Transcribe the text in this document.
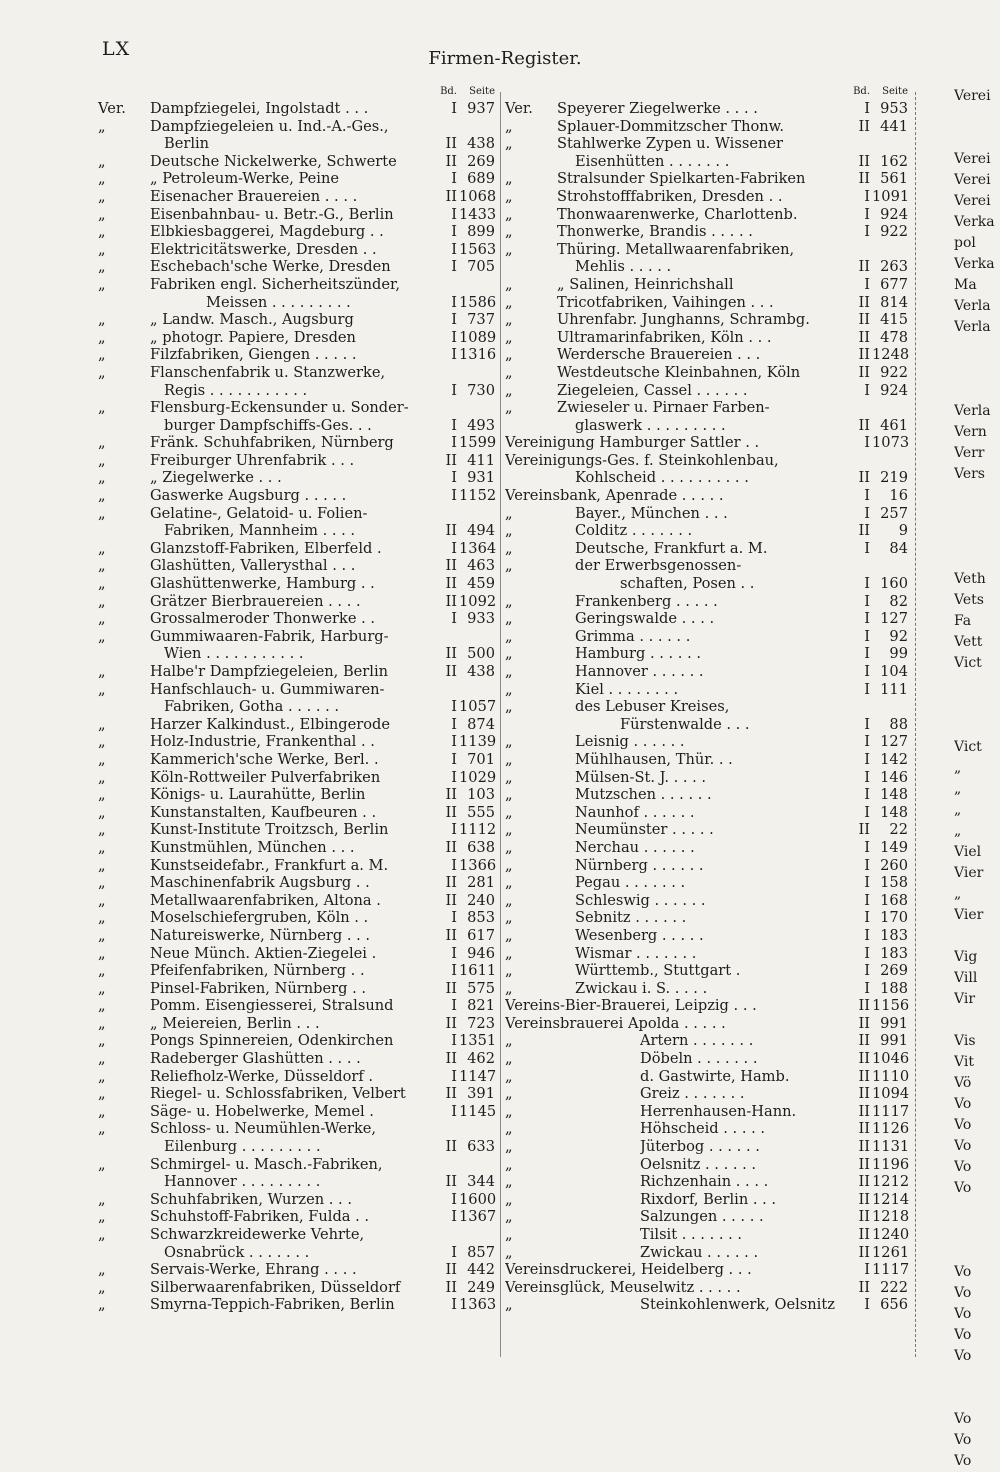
LX	Firmen-Register.
Bd.	Seite
Ver.	Dampfziegelei, Ingolstadt . . .	I 937
„	Dampfziegeleien u. Ind.-A.-Ges.,
Berlin	II 438
„	Deutsche Nickelwerke, Schwerte	II 269
„	„ Petroleum-Werke, Peine	I 689
„	Eisenacher Brauereien . . . .	II 1068
„	Eisenbahnbau- u. Betr.-G., Berlin	I 1433
„	Elbkiesbaggerei, Magdeburg . .	I 899
„	Elektricitätswerke, Dresden . .	I 1563
„	Eschebach'sche Werke, Dresden	I 705
„	Fabriken engl. Sicherheitszünder,
Meissen . . . . . . . . .	I 1586
„	„ Landw. Masch., Augsburg	I 737
„	„ photogr. Papiere, Dresden	I 1089
„	Filzfabriken, Giengen . . . . .	I 1316
„	Flanschenfabrik u. Stanzwerke,
Regis . . . . . . . . . . .	I 730
„	Flensburg-Eckensunder u. Sonder-
burger Dampfschiffs-Ges. . .	I 493
„	Fränk. Schuhfabriken, Nürnberg	I 1599
„	Freiburger Uhrenfabrik . . .	II 411
„	„ Ziegelwerke . . .	I 931
„	Gaswerke Augsburg . . . . .	I 1152
„	Gelatine-, Gelatoid- u. Folien-
Fabriken, Mannheim . . . .	II 494
„	Glanzstoff-Fabriken, Elberfeld .	I 1364
„	Glashütten, Vallerysthal . . .	II 463
„	Glashüttenwerke, Hamburg . .	II 459
„	Grätzer Bierbrauereien . . . .	II 1092
„	Grossalmeroder Thonwerke . .	I 933
„	Gummiwaaren-Fabrik, Harburg-
Wien . . . . . . . . . . .	II 500
„	Halbe'r Dampfziegeleien, Berlin	II 438
„	Hanfschlauch- u. Gummiwaren-
Fabriken, Gotha . . . . . .	I 1057
„	Harzer Kalkindust., Elbingerode	I 874
„	Holz-Industrie, Frankenthal . .	I 1139
„	Kammerich'sche Werke, Berl. .	I 701
„	Köln-Rottweiler Pulverfabriken	I 1029
„	Königs- u. Laurahütte, Berlin	II 103
„	Kunstanstalten, Kaufbeuren . .	II 555
„	Kunst-Institute Troitzsch, Berlin	I 1112
„	Kunstmühlen, München . . .	II 638
„	Kunstseidefabr., Frankfurt a. M.	I 1366
„	Maschinenfabrik Augsburg . .	II 281
„	Metallwaarenfabriken, Altona .	II 240
„	Moselschiefergruben, Köln . .	I 853
„	Natureiswerke, Nürnberg . . .	II 617
„	Neue Münch. Aktien-Ziegelei .	I 946
„	Pfeifenfabriken, Nürnberg . .	I 1611
„	Pinsel-Fabriken, Nürnberg . .	II 575
„	Pomm. Eisengiesserei, Stralsund	I 821
„	„ Meiereien, Berlin . . .	II 723
„	Pongs Spinnereien, Odenkirchen	I 1351
„	Radeberger Glashütten . . . .	II 462
„	Reliefholz-Werke, Düsseldorf .	I 1147
„	Riegel- u. Schlossfabriken, Velbert	II 391
„	Säge- u. Hobelwerke, Memel .	I 1145
„	Schloss- u. Neumühlen-Werke,
Eilenburg . . . . . . . . .	II 633
„	Schmirgel- u. Masch.-Fabriken,
Hannover . . . . . . . . .	II 344
„	Schuhfabriken, Wurzen . . .	I 1600
„	Schuhstoff-Fabriken, Fulda . .	I 1367
„	Schwarzkreidewerke Vehrte,
Osnabrück . . . . . . .	I 857
„	Servais-Werke, Ehrang . . . .	II 442
„	Silberwaarenfabriken, Düsseldorf	II 249
„	Smyrna-Teppich-Fabriken, Berlin	I 1363
Bd.	Seite
Ver.	Speyerer Ziegelwerke . . . .	I 953
„	Splauer-Dommitzscher Thonw.	II 441
„	Stahlwerke Zypen u. Wissener
Eisenhütten . . . . . . .	II 162
„	Stralsunder Spielkarten-Fabriken	II 561
„	Strohstofffabriken, Dresden . .	I 1091
„	Thonwaarenwerke, Charlottenb.	I 924
„	Thonwerke, Brandis . . . . .	I 922
„	Thüring. Metallwaarenfabriken,
Mehlis . . . . .	II 263
„	„ Salinen, Heinrichshall	I 677
„	Tricotfabriken, Vaihingen . . .	II 814
„	Uhrenfabr. Junghanns, Schrambg.	II 415
„	Ultramarinfabriken, Köln . . .	II 478
„	Werdersche Brauereien . . .	II 1248
„	Westdeutsche Kleinbahnen, Köln	II 922
„	Ziegeleien, Cassel . . . . . .	I 924
„	Zwieseler u. Pirnaer Farben-
glaswerk . . . . . . . . .	II 461
Vereinigung Hamburger Sattler . .	I 1073
Vereinigungs-Ges. f. Steinkohlenbau,
Kohlscheid . . . . . . . . . .	II 219
Vereinsbank, Apenrade . . . . .	I	16
„	Bayer., München . . .	I 257
„	Colditz . . . . . . .	II	9
„	Deutsche, Frankfurt a. M.	I	84
„	der Erwerbsgenossen-
schaften, Posen . .	I 160
„	Frankenberg . . . . .	I	82
„	Geringswalde . . . .	I 127
„	Grimma . . . . . .	I	92
„	Hamburg . . . . . .	I	99
„	Hannover . . . . . .	I 104
„	Kiel . . . . . . . .	I 111
„	des Lebuser Kreises,
Fürstenwalde . . .	I	88
„	Leisnig . . . . . .	I 127
„	Mühlhausen, Thür. . .	I 142
„	Mülsen-St. J. . . . .	I 146
„	Mutzschen . . . . . .	I 148
„	Naunhof . . . . . .	I 148
„	Neumünster . . . . .	II	22
„	Nerchau . . . . . .	I 149
„	Nürnberg . . . . . .	I 260
„	Pegau . . . . . . .	I 158
„	Schleswig . . . . . .	I 168
„	Sebnitz . . . . . .	I 170
„	Wesenberg . . . . .	I 183
„	Wismar . . . . . . .	I 183
„	Württemb., Stuttgart .	I 269
„	Zwickau i. S. . . . .	I 188
Vereins-Bier-Brauerei, Leipzig . . .	II 1156
Vereinsbrauerei Apolda . . . . .	II 991
„	Artern . . . . . . .	II 991
„	Döbeln . . . . . . .	II 1046
„	d. Gastwirte, Hamb.	II 1110
„	Greiz . . . . . . .	II 1094
„	Herrenhausen-Hann.	II 1117
„	Höhscheid . . . . .	II 1126
„	Jüterbog . . . . . .	II 1131
„	Oelsnitz . . . . . .	II 1196
„	Richzenhain . . . .	II 1212
„	Rixdorf, Berlin . . .	II 1214
„	Salzungen . . . . .	II 1218
„	Tilsit . . . . . . .	II 1240
„	Zwickau . . . . . .	II 1261
Vereinsdruckerei, Heidelberg . . .	I 1117
Vereinsglück, Meuselwitz . . . . .	II 222
„	Steinkohlenwerk, Oelsnitz	I 656
Verei
Verei
Verei
Verei
Verka
pol
Verka
Ma
Verla
Verla
Verla
Vern
Verr
Vers
Veth
Vets
Fa
Vett
Vict
Vict
„
„
„
„
Viel
Vier
„
Vier
Vig
Vill
Vir
Vis
Vit
Vö
Vo
Vo
Vo
Vo
Vo
Vo
Vo
Vo
Vo
Vo
Vo
Vo
Vo
